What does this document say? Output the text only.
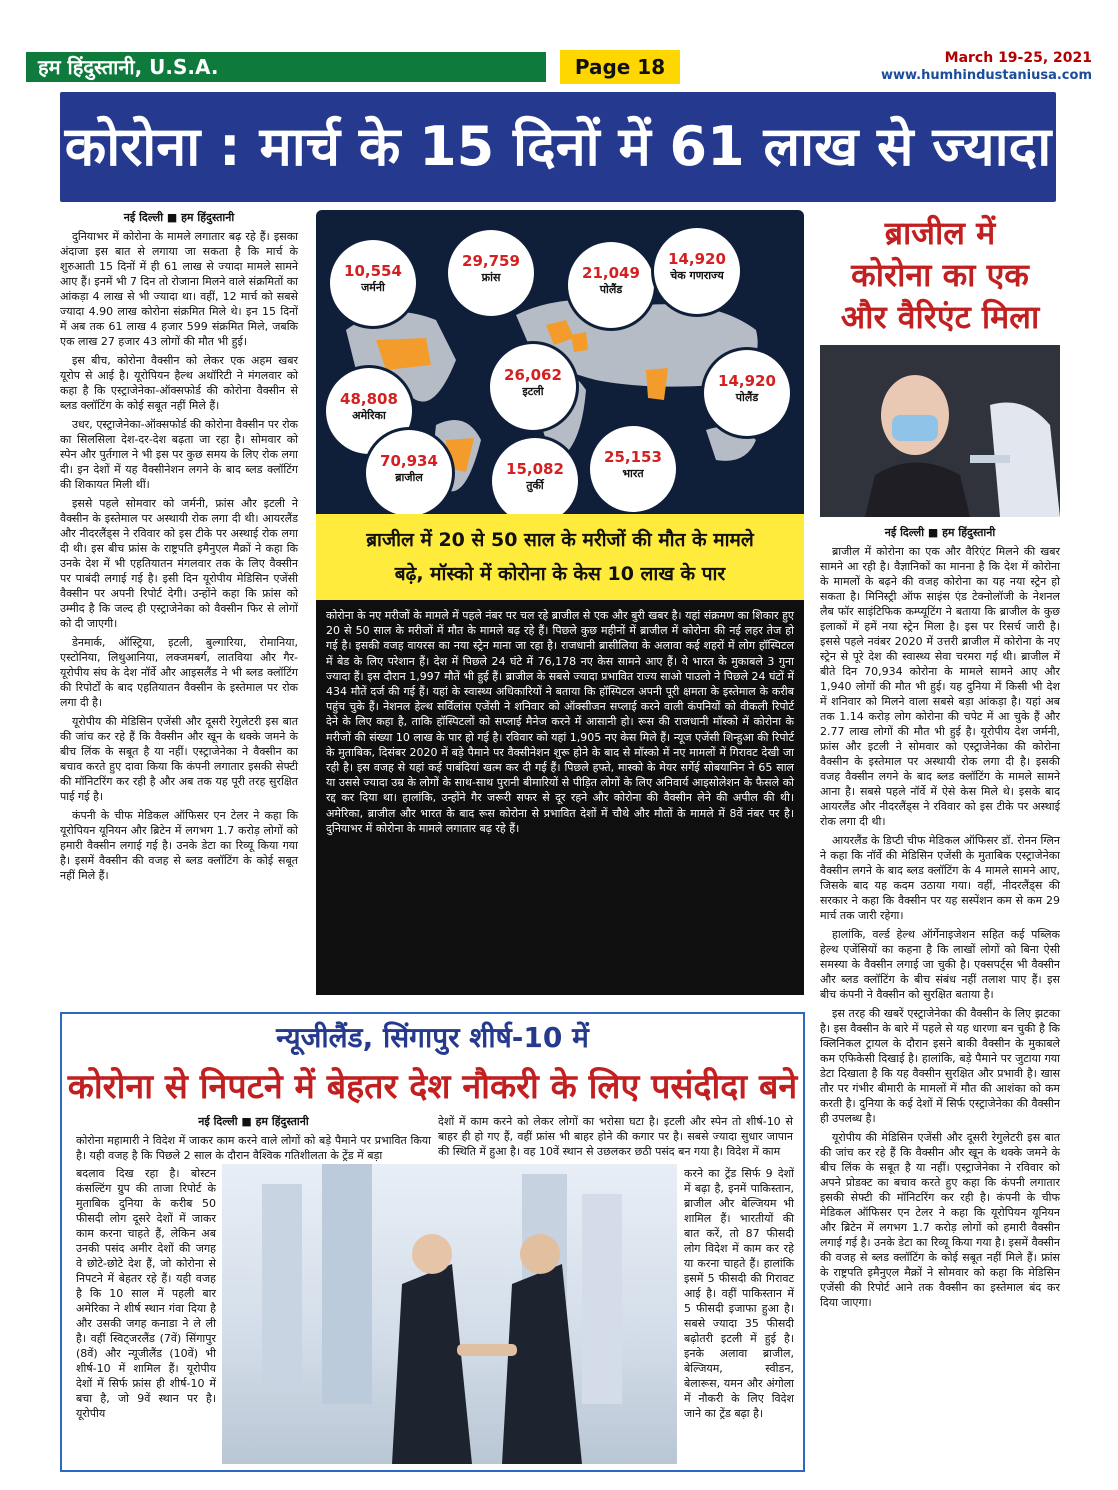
हम हिंदुस्तानी, U.S.A.	Page 18	March 19-25, 2021
www.humhindustaniusa.com
कोरोना : मार्च के 15 दिनों में 61 लाख से ज्यादा
नई दिल्ली ■ हम हिंदुस्तानी

दुनियाभर में कोरोना के मामले लगातार बढ़ रहे हैं। इसका अंदाजा इस बात से लगाया जा सकता है कि मार्च के शुरुआती 15 दिनों में ही 61 लाख से ज्यादा मामले सामने आए हैं। इनमें भी 7 दिन तो रोजाना मिलने वाले संक्रमितों का आंकड़ा 4 लाख से भी ज्यादा था। वहीं, 12 मार्च को सबसे ज्यादा 4.90 लाख कोरोना संक्रमित मिले थे। इन 15 दिनों में अब तक 61 लाख 4 हजार 599 संक्रमित मिले, जबकि एक लाख 27 हजार 43 लोगों की मौत भी हुई।

इस बीच, कोरोना वैक्सीन को लेकर एक अहम खबर यूरोप से आई है। यूरोपियन हैल्थ अथॉरिटी ने मंगलवार को कहा है कि एस्ट्राजेनेका-ऑक्सफोर्ड की कोरोना वैक्सीन से ब्लड क्लॉटिंग के कोई सबूत नहीं मिले हैं।

उधर, एस्ट्राजेनेका-ऑक्सफोर्ड की कोरोना वैक्सीन पर रोक का सिलसिला देश-दर-देश बढ़ता जा रहा है। सोमवार को स्पेन और पुर्तगाल ने भी इस पर कुछ समय के लिए रोक लगा दी। इन देशों में यह वैक्सीनेशन लगने के बाद ब्लड क्लॉटिंग की शिकायत मिली थीं।

इससे पहले सोमवार को जर्मनी, फ्रांस और इटली ने वैक्सीन के इस्तेमाल पर अस्थायी रोक लगा दी थी। आयरलैंड और नीदरलैंड्स ने रविवार को इस टीके पर अस्थाई रोक लगा दी थी। इस बीच फ्रांस के राष्ट्रपति इमैनुएल मैक्रों ने कहा कि उनके देश में भी एहतियातन मंगलवार तक के लिए वैक्सीन पर पाबंदी लगाई गई है। इसी दिन यूरोपीय मेडिसिन एजेंसी वैक्सीन पर अपनी रिपोर्ट देगी। उन्होंने कहा कि फ्रांस को उम्मीद है कि जल्द ही एस्ट्राजेनेका को वैक्सीन फिर से लोगों को दी जाएगी।

डेनमार्क, ऑस्ट्रिया, इटली, बुल्गारिया, रोमानिया, एस्टोनिया, लिथुआनिया, लक्जमबर्ग, लातविया और गैर-यूरोपीय संघ के देश नॉर्वे और आइसलैंड ने भी ब्लड क्लॉटिंग की रिपोर्टों के बाद एहतियातन वैक्सीन के इस्तेमाल पर रोक लगा दी है।

यूरोपीय की मेडिसिन एजेंसी और दूसरी रेगुलेटरी इस बात की जांच कर रहे हैं कि वैक्सीन और खून के थक्के जमने के बीच लिंक के सबूत है या नहीं। एस्ट्राजेनेका ने वैक्सीन का बचाव करते हुए दावा किया कि कंपनी लगातार इसकी सेफ्टी की मॉनिटरिंग कर रही है और अब तक यह पूरी तरह सुरक्षित पाई गई है।

कंपनी के चीफ मेडिकल ऑफिसर एन टेलर ने कहा कि यूरोपियन यूनियन और ब्रिटेन में लगभग 1.7 करोड़ लोगों को हमारी वैक्सीन लगाई गई है। उनके डेटा का रिव्यू किया गया है। इसमें वैक्सीन की वजह से ब्लड क्लॉटिंग के कोई सबूत नहीं मिले हैं।

10,554
जर्मनी
29,759
फ्रांस	21,049
पोलैंड
14,920
चेक गणराज्य
26,062
इटली
48,808
अमेरिका
14,920
पोलैंड
70,934
ब्राजील	15,082
तुर्की
25,153
भारत
ब्राजील में 20 से 50 साल के मरीजों की मौत के मामले
बढ़े, मॉस्को में कोरोना के केस 10 लाख के पार
कोरोना के नए मरीजों के मामले में पहले नंबर पर चल रहे ब्राजील से एक और बुरी खबर है। यहां संक्रमण का शिकार हुए 20 से 50 साल के मरीजों में मौत के मामले बढ़ रहे हैं। पिछले कुछ महीनों में ब्राजील में कोरोना की नई लहर तेज हो गई है। इसकी वजह वायरस का नया स्ट्रेन माना जा रहा है। राजधानी ब्रासीलिया के अलावा कई शहरों में लोग हॉस्पिटल में बेड के लिए परेशान हैं। देश में पिछले 24 घंटे में 76,178 नए केस सामने आए हैं। ये भारत के मुकाबले 3 गुना ज्यादा हैं। इस दौरान 1,997 मौतें भी हुई हैं। ब्राजील के सबसे ज्यादा प्रभावित राज्य साओ पाउलो ने पिछले 24 घंटों में 434 मौतें दर्ज की गई हैं। यहां के स्वास्थ्य अधिकारियों ने बताया कि हॉस्पिटल अपनी पूरी क्षमता के इस्तेमाल के करीब पहुंच चुके हैं। नेशनल हेल्थ सर्विलांस एजेंसी ने शनिवार को ऑक्सीजन सप्लाई करने वाली कंपनियों को वीकली रिपोर्ट देने के लिए कहा है, ताकि हॉस्पिटलों को सप्लाई मैनेज करने में आसानी हो। रूस की राजधानी मॉस्को में कोरोना के मरीजों की संख्या 10 लाख के पार हो गई है। रविवार को यहां 1,905 नए केस मिले हैं। न्यूज एजेंसी शिन्हुआ की रिपोर्ट के मुताबिक, दिसंबर 2020 में बड़े पैमाने पर वैक्सीनेशन शुरू होने के बाद से मॉस्को में नए मामलों में गिरावट देखी जा रही है। इस वजह से यहां कई पाबंदियां खत्म कर दी गई हैं। पिछले हफ्ते, मास्को के मेयर सर्गेई सोबयानिन ने 65 साल या उससे ज्यादा उम्र के लोगों के साथ-साथ पुरानी बीमारियों से पीड़ित लोगों के लिए अनिवार्य आइसोलेशन के फैसले को रद्द कर दिया था। हालांकि, उन्होंने गैर जरूरी सफर से दूर रहने और कोरोना की वैक्सीन लेने की अपील की थी। अमेरिका, ब्राजील और भारत के बाद रूस कोरोना से प्रभावित देशों में चौथे और मौतों के मामले में 8वें नंबर पर है। दुनियाभर में कोरोना के मामले लगातार बढ़ रहे हैं।
ब्राजील में
कोरोना का एक
और वैरिएंट मिला
नई दिल्ली ■ हम हिंदुस्तानी

ब्राजील में कोरोना का एक और वैरिएंट मिलने की खबर सामने आ रही है। वैज्ञानिकों का मानना है कि देश में कोरोना के मामलों के बढ़ने की वजह कोरोना का यह नया स्ट्रेन हो सकता है। मिनिस्ट्री ऑफ साइंस एंड टेक्नोलॉजी के नेशनल लैब फॉर साइंटिफिक कम्प्यूटिंग ने बताया कि ब्राजील के कुछ इलाकों में हमें नया स्ट्रेन मिला है। इस पर रिसर्च जारी है। इससे पहले नवंबर 2020 में उत्तरी ब्राजील में कोरोना के नए स्ट्रेन से पूरे देश की स्वास्थ्य सेवा चरमरा गई थी। ब्राजील में बीते दिन 70,934 कोरोना के मामले सामने आए और 1,940 लोगों की मौत भी हुई। यह दुनिया में किसी भी देश में शनिवार को मिलने वाला सबसे बड़ा आंकड़ा है। यहां अब तक 1.14 करोड़ लोग कोरोना की चपेट में आ चुके हैं और 2.77 लाख लोगों की मौत भी हुई है। यूरोपीय देश जर्मनी, फ्रांस और इटली ने सोमवार को एस्ट्राजेनेका की कोरोना वैक्सीन के इस्तेमाल पर अस्थायी रोक लगा दी है। इसकी वजह वैक्सीन लगने के बाद ब्लड क्लॉटिंग के मामले सामने आना है। सबसे पहले नॉर्वे में ऐसे केस मिले थे। इसके बाद आयरलैंड और नीदरलैंड्स ने रविवार को इस टीके पर अस्थाई रोक लगा दी थी।

आयरलैंड के डिप्टी चीफ मेडिकल ऑफिसर डॉ. रोनन ग्लिन ने कहा कि नॉर्वे की मेडिसिन एजेंसी के मुताबिक एस्ट्राजेनेका वैक्सीन लगने के बाद ब्लड क्लॉटिंग के 4 मामले सामने आए, जिसके बाद यह कदम उठाया गया। वहीं, नीदरलैंड्स की सरकार ने कहा कि वैक्सीन पर यह सस्पेंशन कम से कम 29 मार्च तक जारी रहेगा।

हालांकि, वर्ल्ड हेल्थ ऑर्गेनाइजेशन सहित कई पब्लिक हेल्थ एजेंसियों का कहना है कि लाखों लोगों को बिना ऐसी समस्या के वैक्सीन लगाई जा चुकी है। एक्सपर्ट्स भी वैक्सीन और ब्लड क्लॉटिंग के बीच संबंध नहीं तलाश पाए हैं। इस बीच कंपनी ने वैक्सीन को सुरक्षित बताया है।

इस तरह की खबरें एस्ट्राजेनेका की वैक्सीन के लिए झटका है। इस वैक्सीन के बारे में पहले से यह धारणा बन चुकी है कि क्लिनिकल ट्रायल के दौरान इसने बाकी वैक्सीन के मुकाबले कम एफिकेसी दिखाई है। हालांकि, बड़े पैमाने पर जुटाया गया डेटा दिखाता है कि यह वैक्सीन सुरक्षित और प्रभावी है। खास तौर पर गंभीर बीमारी के मामलों में मौत की आशंका को कम करती है। दुनिया के कई देशों में सिर्फ एस्ट्राजेनेका की वैक्सीन ही उपलब्ध है।

यूरोपीय की मेडिसिन एजेंसी और दूसरी रेगुलेटरी इस बात की जांच कर रहे हैं कि वैक्सीन और खून के थक्के जमने के बीच लिंक के सबूत है या नहीं। एस्ट्राजेनेका ने रविवार को अपने प्रोडक्ट का बचाव करते हुए कहा कि कंपनी लगातार इसकी सेफ्टी की मॉनिटरिंग कर रही है। कंपनी के चीफ मेडिकल ऑफिसर एन टेलर ने कहा कि यूरोपियन यूनियन और ब्रिटेन में लगभग 1.7 करोड़ लोगों को हमारी वैक्सीन लगाई गई है। उनके डेटा का रिव्यू किया गया है। इसमें वैक्सीन की वजह से ब्लड क्लॉटिंग के कोई सबूत नहीं मिले हैं। फ्रांस के राष्ट्रपति इमैनुएल मैक्रों ने सोमवार को कहा कि मेडिसिन एजेंसी की रिपोर्ट आने तक वैक्सीन का इस्तेमाल बंद कर दिया जाएगा।

न्यूजीलैंड, सिंगापुर शीर्ष-10 में
कोरोना से निपटने में बेहतर देश नौकरी के लिए पसंदीदा बने
नई दिल्ली ■ हम हिंदुस्तानी
कोरोना महामारी ने विदेश में जाकर काम करने वाले लोगों को बड़े पैमाने पर प्रभावित किया है। यही वजह है कि पिछले 2 साल के दौरान वैश्विक गतिशीलता के ट्रेंड में बड़ा
देशों में काम करने को लेकर लोगों का भरोसा घटा है। इटली और स्पेन तो शीर्ष-10 से बाहर ही हो गए हैं, वहीं फ्रांस भी बाहर होने की कगार पर है। सबसे ज्यादा सुधार जापान की स्थिति में हुआ है। वह 10वें स्थान से उछलकर छठी पसंद बन गया है। विदेश में काम
बदलाव दिख रहा है। बोस्टन कंसल्टिंग ग्रुप की ताजा रिपोर्ट के मुताबिक दुनिया के करीब 50 फीसदी लोग दूसरे देशों में जाकर काम करना चाहते हैं, लेकिन अब उनकी पसंद अमीर देशों की जगह वे छोटे-छोटे देश हैं, जो कोरोना से निपटने में बेहतर रहे हैं। यही वजह है कि 10 साल में पहली बार अमेरिका ने शीर्ष स्थान गंवा दिया है और उसकी जगह कनाडा ने ले ली है। वहीं स्विट्जरलैंड (7वें) सिंगापुर (8वें) और न्यूजीलैंड (10वें) भी शीर्ष-10 में शामिल हैं। यूरोपीय देशों में सिर्फ फ्रांस ही शीर्ष-10 में बचा है, जो 9वें स्थान पर है। यूरोपीय
करने का ट्रेंड सिर्फ 9 देशों में बढ़ा है, इनमें पाकिस्तान, ब्राजील और बेल्जियम भी शामिल हैं। भारतीयों की बात करें, तो 87 फीसदी लोग विदेश में काम कर रहे या करना चाहते हैं। हालांकि इसमें 5 फीसदी की गिरावट आई है। वहीं पाकिस्तान में 5 फीसदी इजाफा हुआ है। सबसे ज्यादा 35 फीसदी बढ़ोतरी इटली में हुई है। इनके अलावा ब्राजील, बेल्जियम, स्वीडन, बेलारूस, यमन और अंगोला में नौकरी के लिए विदेश जाने का ट्रेंड बढ़ा है।
